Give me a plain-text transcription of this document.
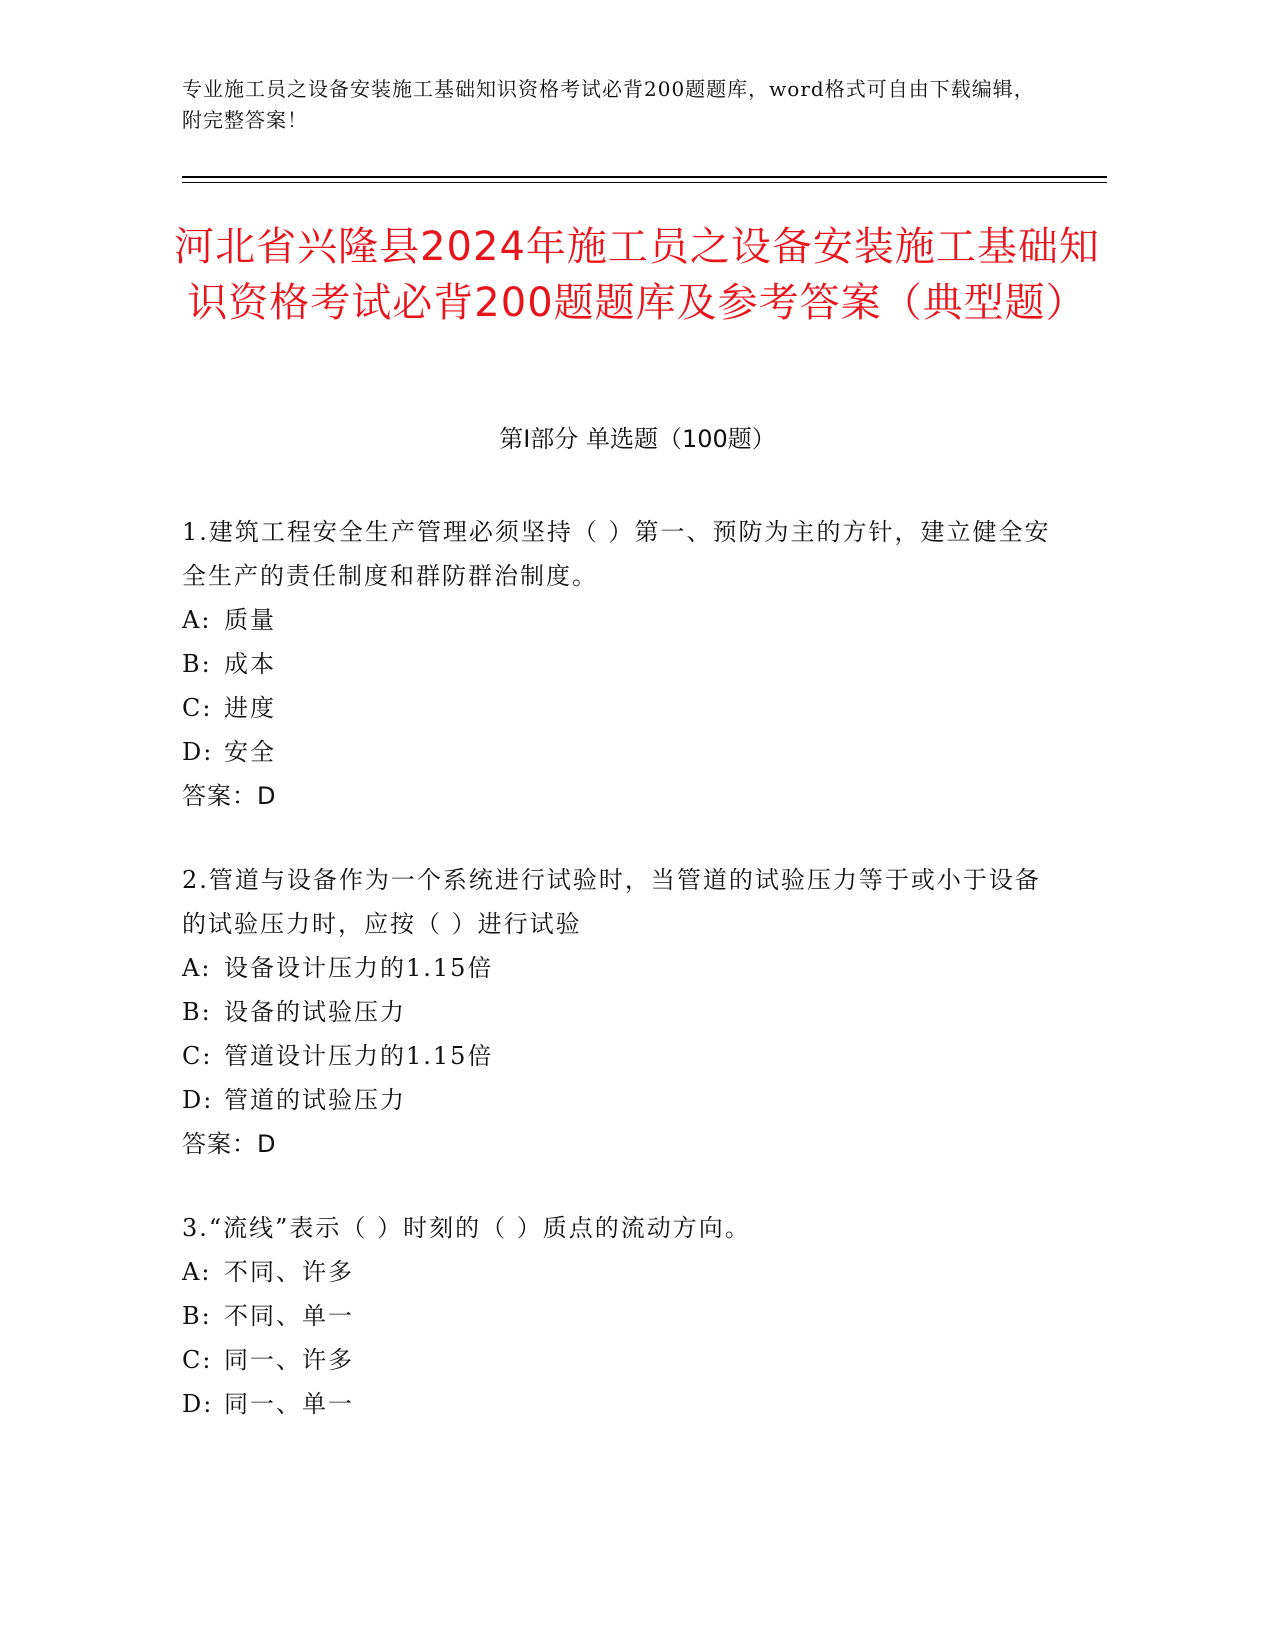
专业施工员之设备安装施工基础知识资格考试必背200题题库，word格式可自由下载编辑，附完整答案！
河北省兴隆县2024年施工员之设备安装施工基础知识资格考试必背200题题库及参考答案（典型题）
第Ⅰ部分 单选题（100题）
1.建筑工程安全生产管理必须坚持（ ）第一、预防为主的方针，建立健全安全生产的责任制度和群防群治制度。
A: 质量
B: 成本
C: 进度
D: 安全
答案：D
2.管道与设备作为一个系统进行试验时，当管道的试验压力等于或小于设备的试验压力时，应按（ ）进行试验
A: 设备设计压力的1.15倍
B: 设备的试验压力
C: 管道设计压力的1.15倍
D: 管道的试验压力
答案：D
3.“流线”表示（ ）时刻的（ ）质点的流动方向。
A: 不同、许多
B: 不同、单一
C: 同一、许多
D: 同一、单一
